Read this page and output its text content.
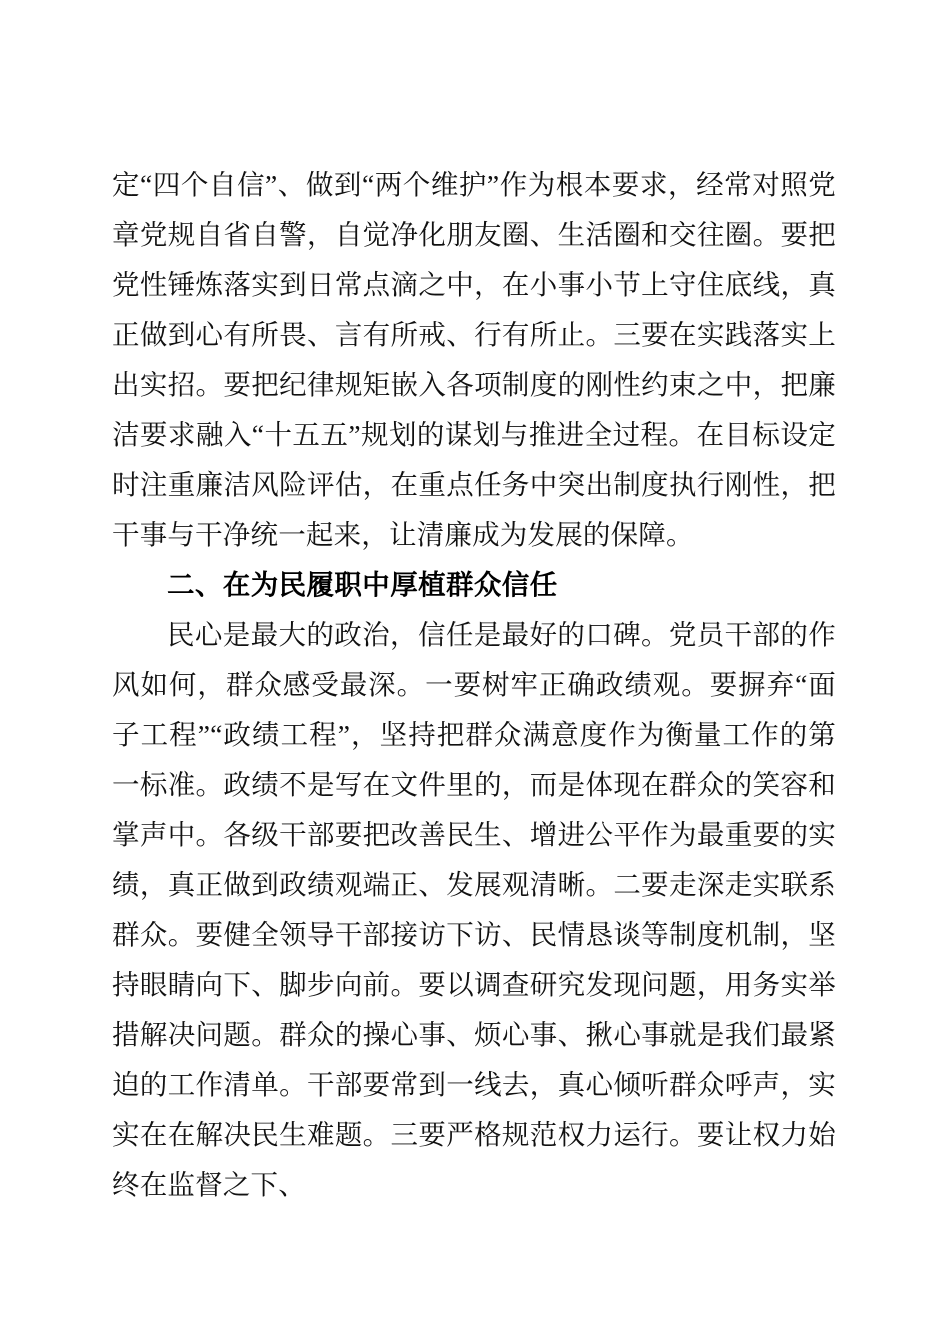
定“四个自信”、做到“两个维护”作为根本要求，经常对照党章党规自省自警，自觉净化朋友圈、生活圈和交往圈。要把党性锤炼落实到日常点滴之中，在小事小节上守住底线，真正做到心有所畏、言有所戒、行有所止。三要在实践落实上出实招。要把纪律规矩嵌入各项制度的刚性约束之中，把廉洁要求融入“十五五”规划的谋划与推进全过程。在目标设定时注重廉洁风险评估，在重点任务中突出制度执行刚性，把干事与干净统一起来，让清廉成为发展的保障。

二、在为民履职中厚植群众信任

民心是最大的政治，信任是最好的口碑。党员干部的作风如何，群众感受最深。一要树牢正确政绩观。要摒弃“面子工程”“政绩工程”，坚持把群众满意度作为衡量工作的第一标准。政绩不是写在文件里的，而是体现在群众的笑容和掌声中。各级干部要把改善民生、增进公平作为最重要的实绩，真正做到政绩观端正、发展观清晰。二要走深走实联系群众。要健全领导干部接访下访、民情恳谈等制度机制，坚持眼睛向下、脚步向前。要以调查研究发现问题，用务实举措解决问题。群众的操心事、烦心事、揪心事就是我们最紧迫的工作清单。干部要常到一线去，真心倾听群众呼声，实实在在解决民生难题。三要严格规范权力运行。要让权力始终在监督之下、
